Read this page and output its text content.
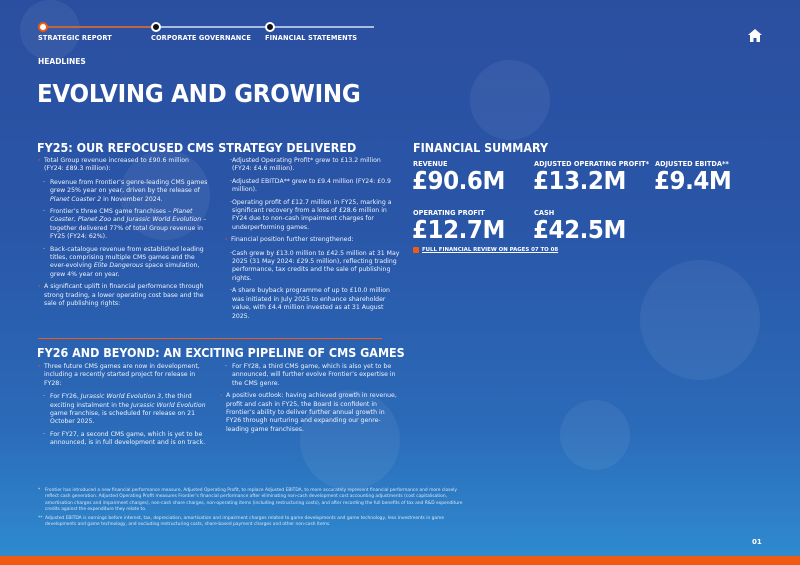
STRATEGIC REPORT	CORPORATE GOVERNANCE FINANCIAL STATEMENTS
HEADLINES
EVOLVING AND GROWING
FY25: OUR REFOCUSED CMS STRATEGY DELIVERED
· Total Group revenue increased to £90.6 million (FY24: £89.3 million):
· Revenue from Frontier’s genre-leading CMS games grew 25% year on year, driven by the release of Planet Coaster 2 in November 2024.
· Frontier’s three CMS game franchises – Planet Coaster, Planet Zoo and Jurassic World Evolution – together delivered 77% of total Group revenue in FY25 (FY24: 62%).
· Back-catalogue revenue from established leading titles, comprising multiple CMS games and the ever-evolving Elite Dangerous space simulation, grew 4% year on year.
· A significant uplift in financial performance through strong trading, a lower operating cost base and the sale of publishing rights:
· Adjusted Operating Profit* grew to £13.2 million (FY24: £4.6 million).
· Adjusted EBITDA** grew to £9.4 million (FY24: £0.9 million).
· Operating profit of £12.7 million in FY25, marking a significant recovery from a loss of £28.6 million in FY24 due to non-cash impairment charges for underperforming games.
· Financial position further strengthened:
· Cash grew by £13.0 million to £42.5 million at 31 May 2025 (31 May 2024: £29.5 million), reflecting trading performance, tax credits and the sale of publishing rights.
· A share buyback programme of up to £10.0 million was initiated in July 2025 to enhance shareholder value, with £4.4 million invested as at 31 August 2025.
FY26 AND BEYOND: AN EXCITING PIPELINE OF CMS GAMES
· Three future CMS games are now in development, including a recently started project for release in FY28:
· For FY26, Jurassic World Evolution 3, the third exciting instalment in the Jurassic World Evolution game franchise, is scheduled for release on 21 October 2025.
· For FY27, a second CMS game, which is yet to be announced, is in full development and is on track.
· For FY28, a third CMS game, which is also yet to be announced, will further evolve Frontier’s expertise in the CMS genre.
· A positive outlook: having achieved growth in revenue, profit and cash in FY25, the Board is confident in Frontier’s ability to deliver further annual growth in FY26 through nurturing and expanding our genre-leading game franchises.
FINANCIAL SUMMARY
REVENUE
£90.6M
ADJUSTED OPERATING PROFIT*
£13.2M
ADJUSTED EBITDA**
£9.4M
OPERATING PROFIT
£12.7M
CASH
£42.5M
FULL FINANCIAL REVIEW ON PAGES 07 TO 08
* Frontier has introduced a new financial performance measure, Adjusted Operating Profit, to replace Adjusted EBITDA, to more accurately represent financial performance and more closely reflect cash generation. Adjusted Operating Profit measures Frontier’s financial performance after eliminating non-cash development cost accounting adjustments (cost capitalisation, amortisation charges and impairment charges), non-cash share charges, non-operating items (including restructuring costs), and after recording the full benefits of tax and R&D expenditure credits against the expenditure they relate to.
** Adjusted EBITDA is earnings before interest, tax, depreciation, amortisation and impairment charges related to game developments and game technology, less investments in game developments and game technology, and excluding restructuring costs, share-based payment charges and other non-cash items.
01
